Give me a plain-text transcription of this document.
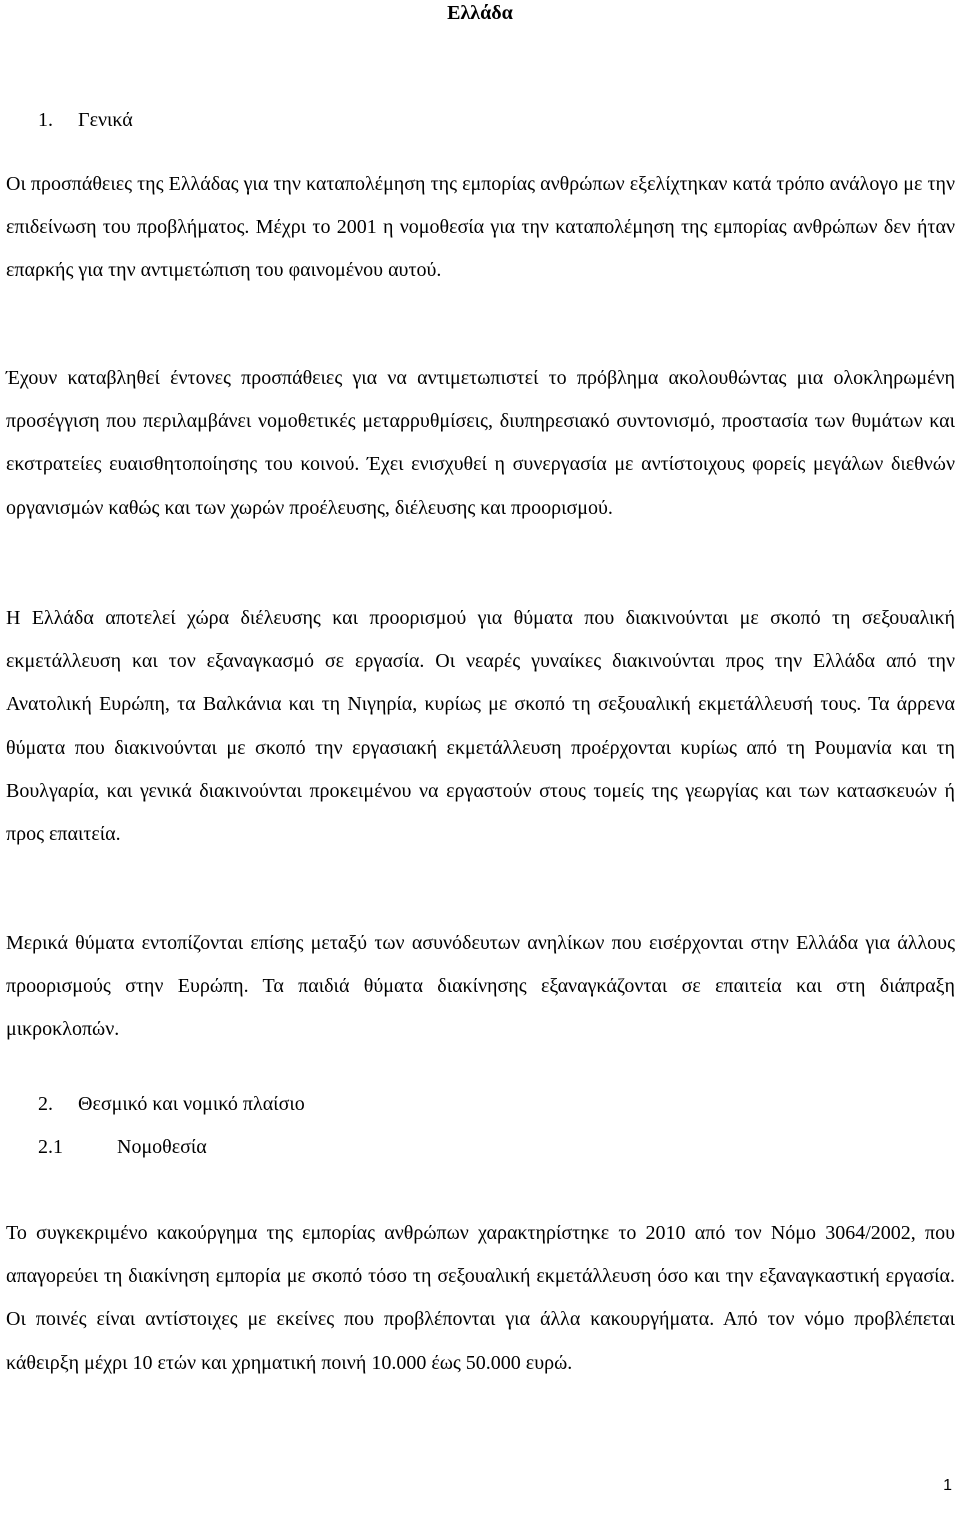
Ελλάδα
1. Γενικά

Οι προσπάθειες της Ελλάδας για την καταπολέμηση της εμπορίας ανθρώπων εξελίχτηκαν κατά τρόπο ανάλογο με την επιδείνωση του προβλήματος. Μέχρι το 2001 η νομοθεσία για την καταπολέμηση της εμπορίας ανθρώπων δεν ήταν επαρκής για την αντιμετώπιση του φαινομένου αυτού.

Έχουν καταβληθεί έντονες προσπάθειες για να αντιμετωπιστεί το πρόβλημα ακολουθώντας μια ολοκληρωμένη προσέγγιση που περιλαμβάνει νομοθετικές μεταρρυθμίσεις, διυπηρεσιακό συντονισμό, προστασία των θυμάτων και εκστρατείες ευαισθητοποίησης του κοινού. Έχει ενισχυθεί η συνεργασία με αντίστοιχους φορείς μεγάλων διεθνών οργανισμών καθώς και των χωρών προέλευσης, διέλευσης και προορισμού.

Η Ελλάδα αποτελεί χώρα διέλευσης και προορισμού για θύματα που διακινούνται με σκοπό τη σεξουαλική εκμετάλλευση και τον εξαναγκασμό σε εργασία. Οι νεαρές γυναίκες διακινούνται προς την Ελλάδα από την Ανατολική Ευρώπη, τα Βαλκάνια και τη Νιγηρία, κυρίως με σκοπό τη σεξουαλική εκμετάλλευσή τους. Τα άρρενα θύματα που διακινούνται με σκοπό την εργασιακή εκμετάλλευση προέρχονται κυρίως από τη Ρουμανία και τη Βουλγαρία, και γενικά διακινούνται προκειμένου να εργαστούν στους τομείς της γεωργίας και των κατασκευών ή προς επαιτεία.

Μερικά θύματα εντοπίζονται επίσης μεταξύ των ασυνόδευτων ανηλίκων που εισέρχονται στην Ελλάδα για άλλους προορισμούς στην Ευρώπη. Τα παιδιά θύματα διακίνησης εξαναγκάζονται σε επαιτεία και στη διάπραξη μικροκλοπών.

2. Θεσμικό και νομικό πλαίσιο
2.1	Νομοθεσία

Το συγκεκριμένο κακούργημα της εμπορίας ανθρώπων χαρακτηρίστηκε το 2010 από τον Νόμο 3064/2002, που απαγορεύει τη διακίνηση εμπορία με σκοπό τόσο τη σεξουαλική εκμετάλλευση όσο και την εξαναγκαστική εργασία. Οι ποινές είναι αντίστοιχες με εκείνες που προβλέπονται για άλλα κακουργήματα. Από τον νόμο προβλέπεται κάθειρξη μέχρι 10 ετών και χρηματική ποινή 10.000 έως 50.000 ευρώ.

1
